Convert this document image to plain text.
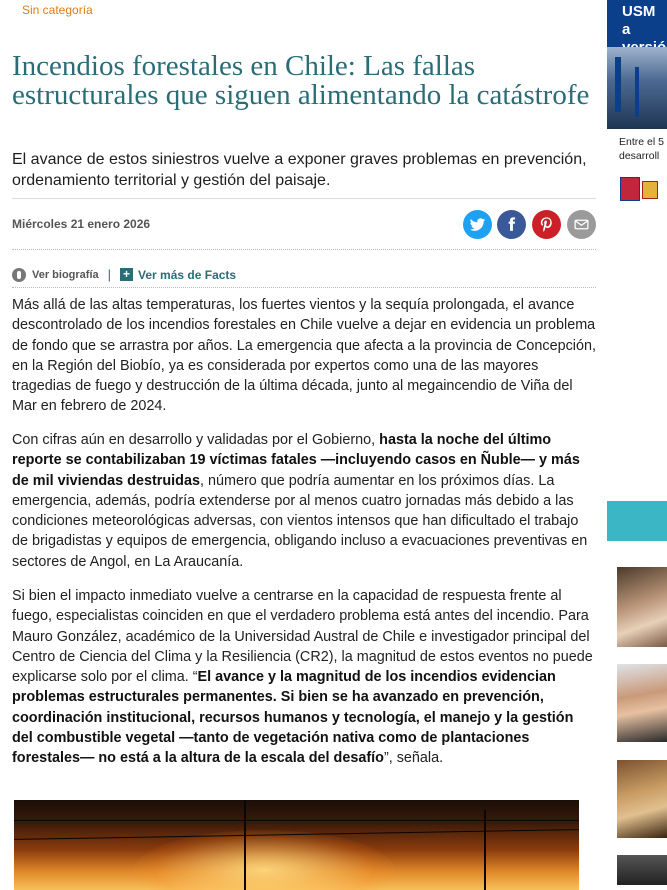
Sin categoría
Incendios forestales en Chile: Las fallas estructurales que siguen alimentando la catástrofe

El avance de estos siniestros vuelve a exponer graves problemas en prevención, ordenamiento territorial y gestión del paisaje.

Miércoles 21 enero 2026
Ver biografía | + Ver más de Facts

Más allá de las altas temperaturas, los fuertes vientos y la sequía prolongada, el avance descontrolado de los incendios forestales en Chile vuelve a dejar en evidencia un problema de fondo que se arrastra por años. La emergencia que afecta a la provincia de Concepción, en la Región del Biobío, ya es considerada por expertos como una de las mayores tragedias de fuego y destrucción de la última década, junto al megaincendio de Viña del Mar en febrero de 2024.

Con cifras aún en desarrollo y validadas por el Gobierno, hasta la noche del último reporte se contabilizaban 19 víctimas fatales —incluyendo casos en Ñuble— y más de mil viviendas destruidas, número que podría aumentar en los próximos días. La emergencia, además, podría extenderse por al menos cuatro jornadas más debido a las condiciones meteorológicas adversas, con vientos intensos que han dificultado el trabajo de brigadistas y equipos de emergencia, obligando incluso a evacuaciones preventivas en sectores de Angol, en La Araucanía.

Si bien el impacto inmediato vuelve a centrarse en la capacidad de respuesta frente al fuego, especialistas coinciden en que el verdadero problema está antes del incendio. Para Mauro González, académico de la Universidad Austral de Chile e investigador principal del Centro de Ciencia del Clima y la Resiliencia (CR2), la magnitud de estos eventos no puede explicarse solo por el clima. “El avance y la magnitud de los incendios evidencian problemas estructurales permanentes. Si bien se ha avanzado en prevención, coordinación institucional, recursos humanos y tecnología, el manejo y la gestión del combustible vegetal —tanto de vegetación nativa como de plantaciones forestales— no está a la altura de la escala del desafío”, señala.

USM a
Entre el 5 desarroll
